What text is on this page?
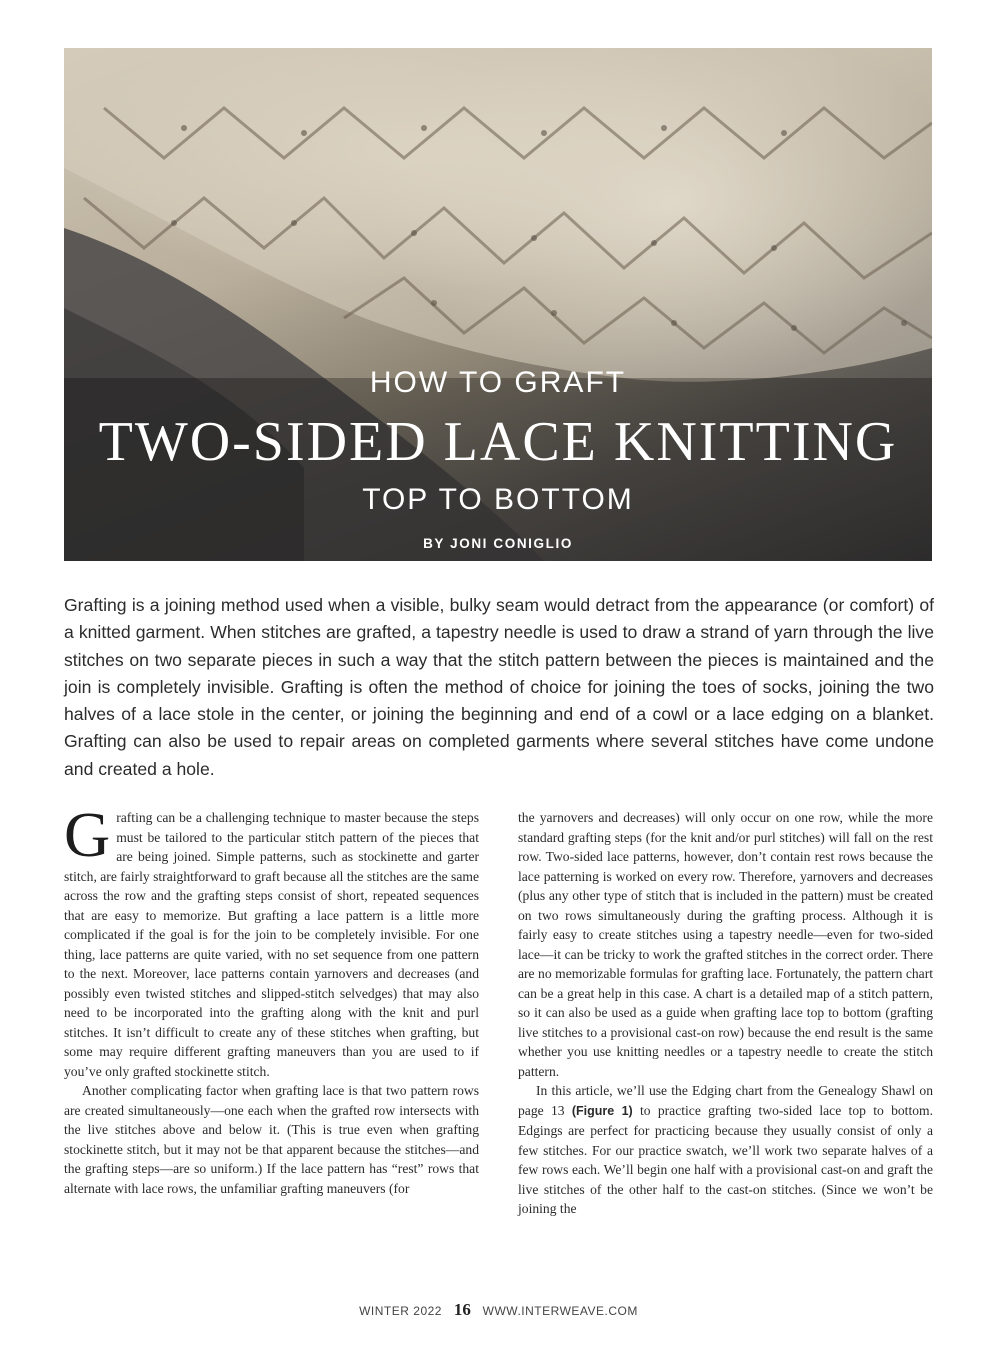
HOW TO GRAFT
TWO-SIDED LACE KNITTING
TOP TO BOTTOM
BY JONI CONIGLIO
Grafting is a joining method used when a visible, bulky seam would detract from the appearance (or comfort) of a knitted garment. When stitches are grafted, a tapestry needle is used to draw a strand of yarn through the live stitches on two separate pieces in such a way that the stitch pattern between the pieces is maintained and the join is completely invisible. Grafting is often the method of choice for joining the toes of socks, joining the two halves of a lace stole in the center, or joining the beginning and end of a cowl or a lace edging on a blanket. Grafting can also be used to repair areas on completed garments where several stitches have come undone and created a hole.

Grafting can be a challenging technique to master because the steps must be tailored to the particular stitch pattern of the pieces that are being joined. Simple patterns, such as stockinette and garter stitch, are fairly straightforward to graft because all the stitches are the same across the row and the grafting steps consist of short, repeated sequences that are easy to memorize. But grafting a lace pattern is a little more complicated if the goal is for the join to be completely invisible. For one thing, lace patterns are quite varied, with no set sequence from one pattern to the next. Moreover, lace patterns contain yarnovers and decreases (and possibly even twisted stitches and slipped-stitch selvedges) that may also need to be incorporated into the grafting along with the knit and purl stitches. It isn’t difficult to create any of these stitches when grafting, but some may require different grafting maneuvers than you are used to if you’ve only grafted stockinette stitch.

Another complicating factor when grafting lace is that two pattern rows are created simultaneously—one each when the grafted row intersects with the live stitches above and below it. (This is true even when grafting stockinette stitch, but it may not be that apparent because the stitches—and the grafting steps—are so uniform.) If the lace pattern has “rest” rows that alternate with lace rows, the unfamiliar grafting maneuvers (for

the yarnovers and decreases) will only occur on one row, while the more standard grafting steps (for the knit and/or purl stitches) will fall on the rest row. Two-sided lace patterns, however, don’t contain rest rows because the lace patterning is worked on every row. Therefore, yarnovers and decreases (plus any other type of stitch that is included in the pattern) must be created on two rows simultaneously during the grafting process. Although it is fairly easy to create stitches using a tapestry needle—even for two-sided lace—it can be tricky to work the grafted stitches in the correct order. There are no memorizable formulas for grafting lace. Fortunately, the pattern chart can be a great help in this case. A chart is a detailed map of a stitch pattern, so it can also be used as a guide when grafting lace top to bottom (grafting live stitches to a provisional cast-on row) because the end result is the same whether you use knitting needles or a tapestry needle to create the stitch pattern.

In this article, we’ll use the Edging chart from the Genealogy Shawl on page 13 (Figure 1) to practice grafting two-sided lace top to bottom. Edgings are perfect for practicing because they usually consist of only a few stitches. For our practice swatch, we’ll work two separate halves of a few rows each. We’ll begin one half with a provisional cast-on and graft the live stitches of the other half to the cast-on stitches. (Since we won’t be joining the

WINTER 2022 16 WWW.INTERWEAVE.COM
